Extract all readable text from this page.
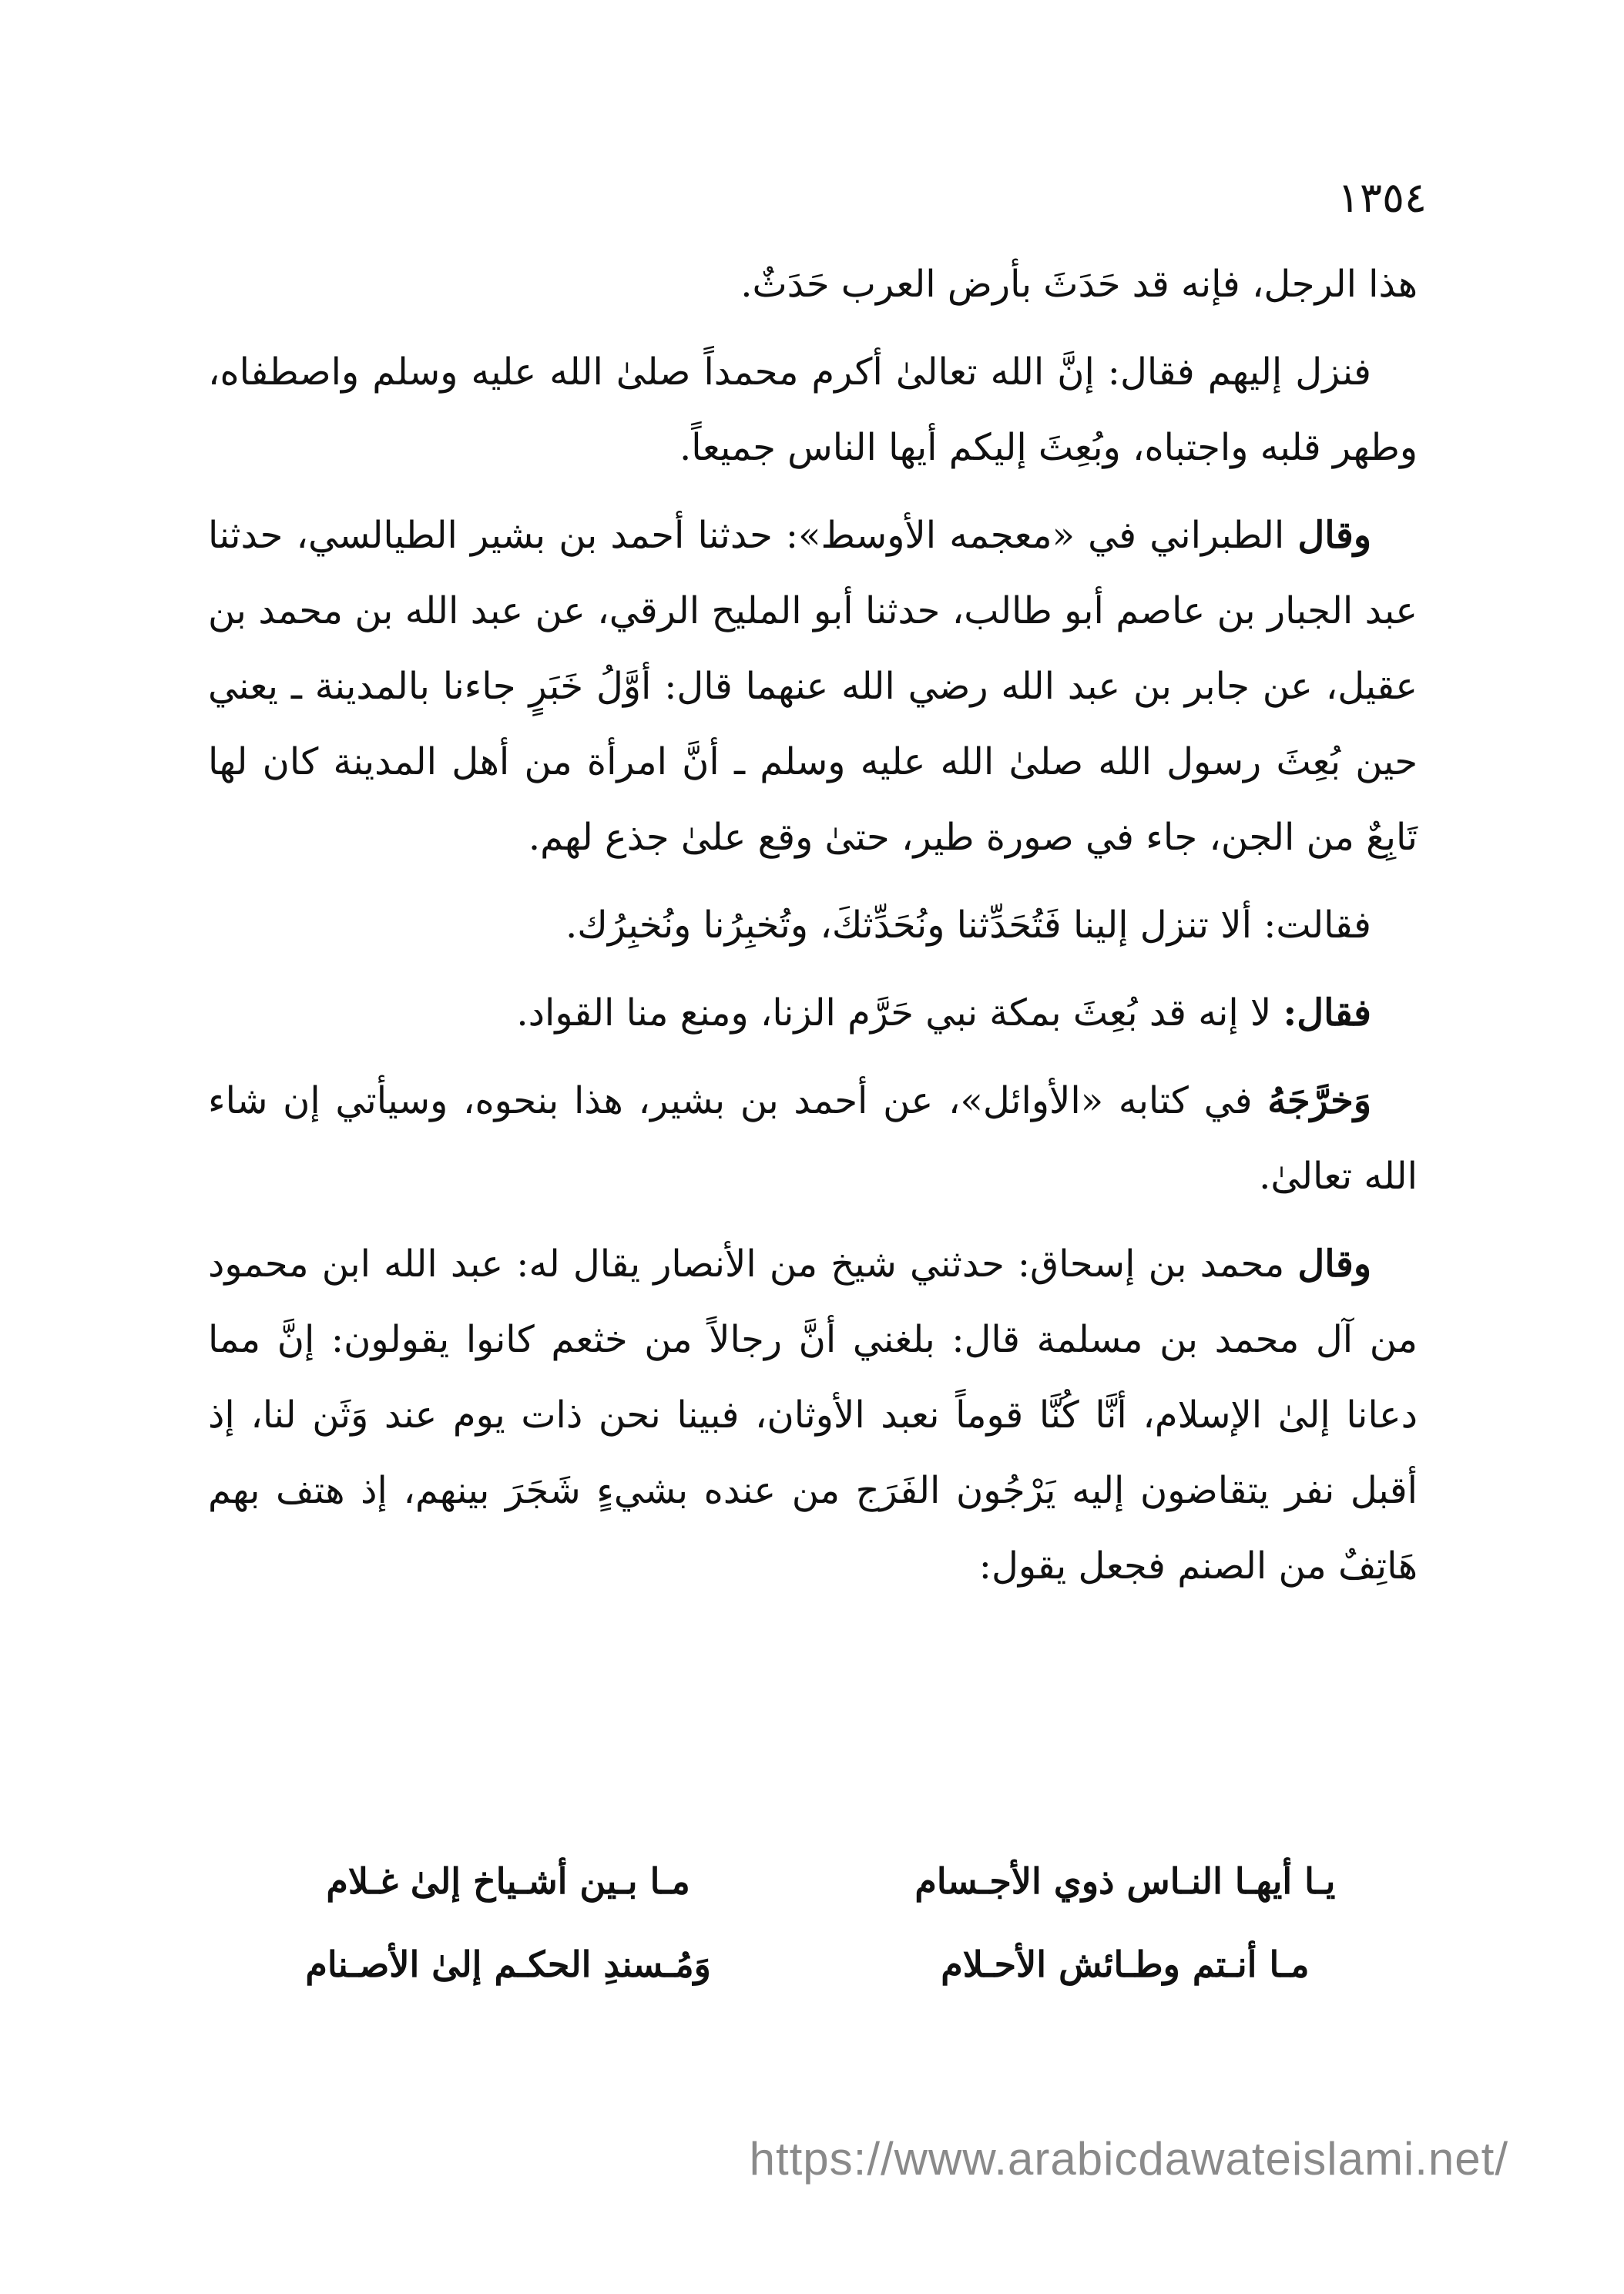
١٣٥٤

هذا الرجل، فإنه قد حَدَثَ بأرض العرب حَدَثٌ.

فنزل إليهم فقال: إنَّ الله تعالىٰ أكرم محمداً صلىٰ الله عليه وسلم واصطفاه، وطهر قلبه واجتباه، وبُعِثَ إليكم أيها الناس جميعاً.

وقال الطبراني في «معجمه الأوسط»: حدثنا أحمد بن بشير الطيالسي، حدثنا عبد الجبار بن عاصم أبو طالب، حدثنا أبو المليح الرقي، عن عبد الله بن محمد بن عقيل، عن جابر بن عبد الله رضي الله عنهما قال: أوَّلُ خَبَرٍ جاءنا بالمدينة ـ يعني حين بُعِثَ رسول الله صلىٰ الله عليه وسلم ـ أنَّ امرأة من أهل المدينة كان لها تَابِعٌ من الجن، جاء في صورة طير، حتىٰ وقع علىٰ جذع لهم.

فقالت: ألا تنزل إلينا فَتُحَدِّثنا ونُحَدِّثكَ، وتُخبِرُنا ونُخبِرُك.

فقال: لا إنه قد بُعِثَ بمكة نبي حَرَّم الزنا، ومنع منا القواد.

وَخرَّجَهُ في كتابه «الأوائل»، عن أحمد بن بشير، هذا بنحوه، وسيأتي إن شاء الله تعالىٰ.

وقال محمد بن إسحاق: حدثني شيخ من الأنصار يقال له: عبد الله ابن محمود من آل محمد بن مسلمة قال: بلغني أنَّ رجالاً من خثعم كانوا يقولون: إنَّ مما دعانا إلىٰ الإسلام، أنَّا كُنَّا قوماً نعبد الأوثان، فبينا نحن ذات يوم عند وَثَن لنا، إذ أقبل نفر يتقاضون إليه يَرْجُون الفَرَج من عنده بشيءٍ شَجَرَ بينهم، إذ هتف بهم هَاتِفٌ من الصنم فجعل يقول:

يـا أيهـا النـاس ذوي الأجـسام
مـا بـين أشـياخ إلىٰ غـلام
مـا أنـتم وطـائش الأحـلام
وَمُـسندِ الحكـم إلىٰ الأصـنام
https://www.arabicdawateislami.net/
